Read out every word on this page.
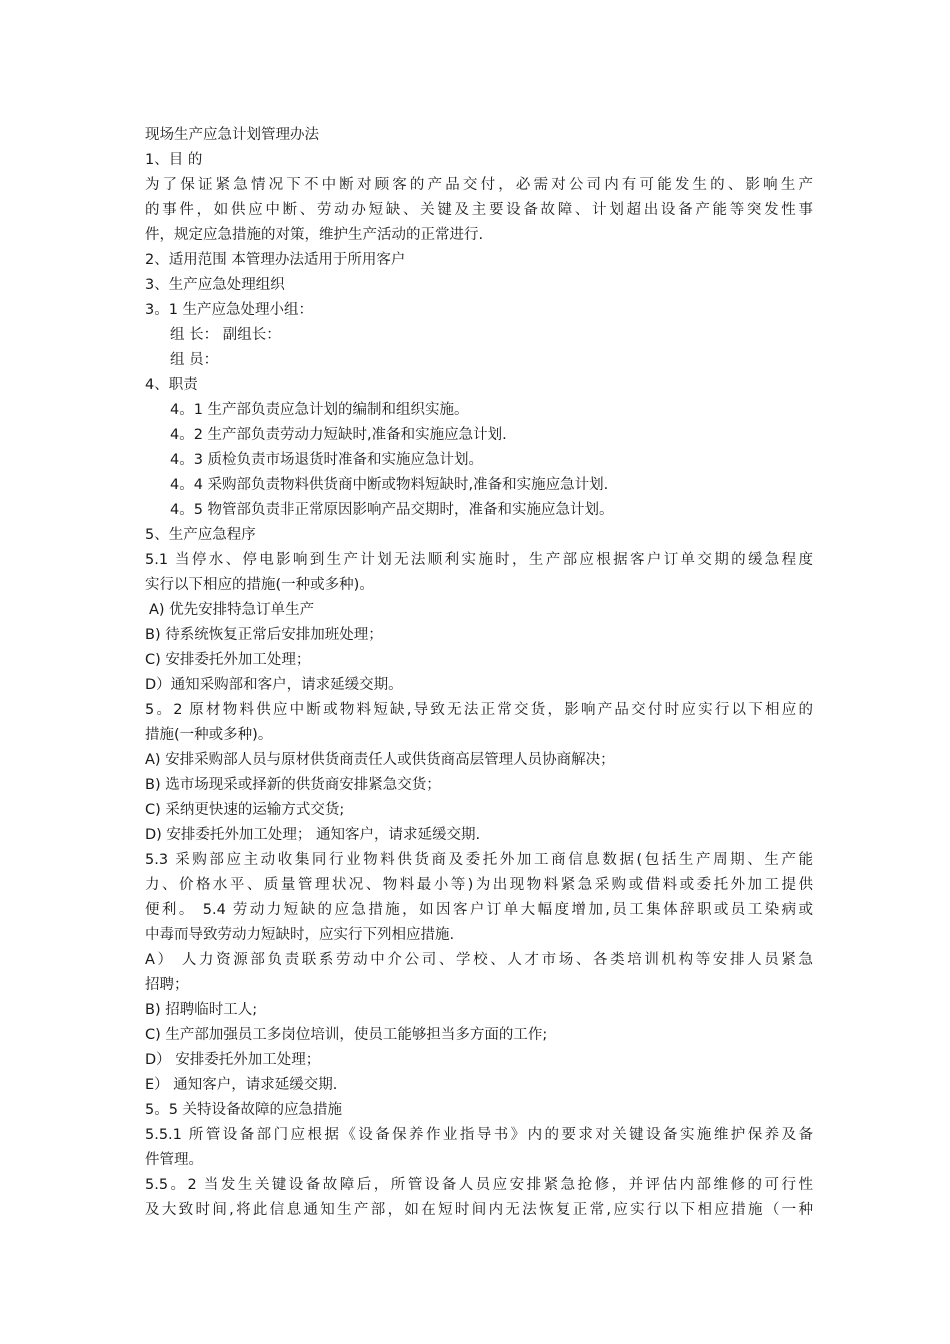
现场生产应急计划管理办法
1、目 的
为了保证紧急情况下不中断对顾客的产品交付，必需对公司内有可能发生的、影响生产
的事件，如供应中断、劳动办短缺、关键及主要设备故障、计划超出设备产能等突发性事
件，规定应急措施的对策，维护生产活动的正常进行.
2、适用范围 本管理办法适用于所用客户
3、生产应急处理组织
3。1 生产应急处理小组：
组 长： 副组长：
组 员：
4、职责
4。1 生产部负责应急计划的编制和组织实施。
4。2 生产部负责劳动力短缺时,准备和实施应急计划.
4。3 质检负责市场退货时准备和实施应急计划。
4。4 采购部负责物料供货商中断或物料短缺时,准备和实施应急计划.
4。5 物管部负责非正常原因影响产品交期时，准备和实施应急计划。
5、生产应急程序
5.1 当停水、停电影响到生产计划无法顺利实施时，生产部应根据客户订单交期的缓急程度
实行以下相应的措施(一种或多种)。
A) 优先安排特急订单生产
B) 待系统恢复正常后安排加班处理；
C) 安排委托外加工处理；
D）通知采购部和客户，请求延缓交期。
5。2 原材物料供应中断或物料短缺,导致无法正常交货，影响产品交付时应实行以下相应的
措施(一种或多种)。
A) 安排采购部人员与原材供货商责任人或供货商高层管理人员协商解决；
B) 选市场现采或择新的供货商安排紧急交货；
C) 采纳更快速的运输方式交货;
D) 安排委托外加工处理； 通知客户，请求延缓交期.
5.3 采购部应主动收集同行业物料供货商及委托外加工商信息数据(包括生产周期、生产能
力、价格水平、质量管理状况、物料最小等)为出现物料紧急采购或借料或委托外加工提供
便利。 5.4 劳动力短缺的应急措施，如因客户订单大幅度增加,员工集体辞职或员工染病或
中毒而导致劳动力短缺时，应实行下列相应措施.
A） 人力资源部负责联系劳动中介公司、学校、人才市场、各类培训机构等安排人员紧急
招聘；
B) 招聘临时工人;
C) 生产部加强员工多岗位培训，使员工能够担当多方面的工作;
D） 安排委托外加工处理；
E） 通知客户，请求延缓交期.
5。5 关特设备故障的应急措施
5.5.1 所管设备部门应根据《设备保养作业指导书》内的要求对关键设备实施维护保养及备
件管理。
5.5。2 当发生关键设备故障后，所管设备人员应安排紧急抢修，并评估内部维修的可行性
及大致时间,将此信息通知生产部，如在短时间内无法恢复正常,应实行以下相应措施（一种
